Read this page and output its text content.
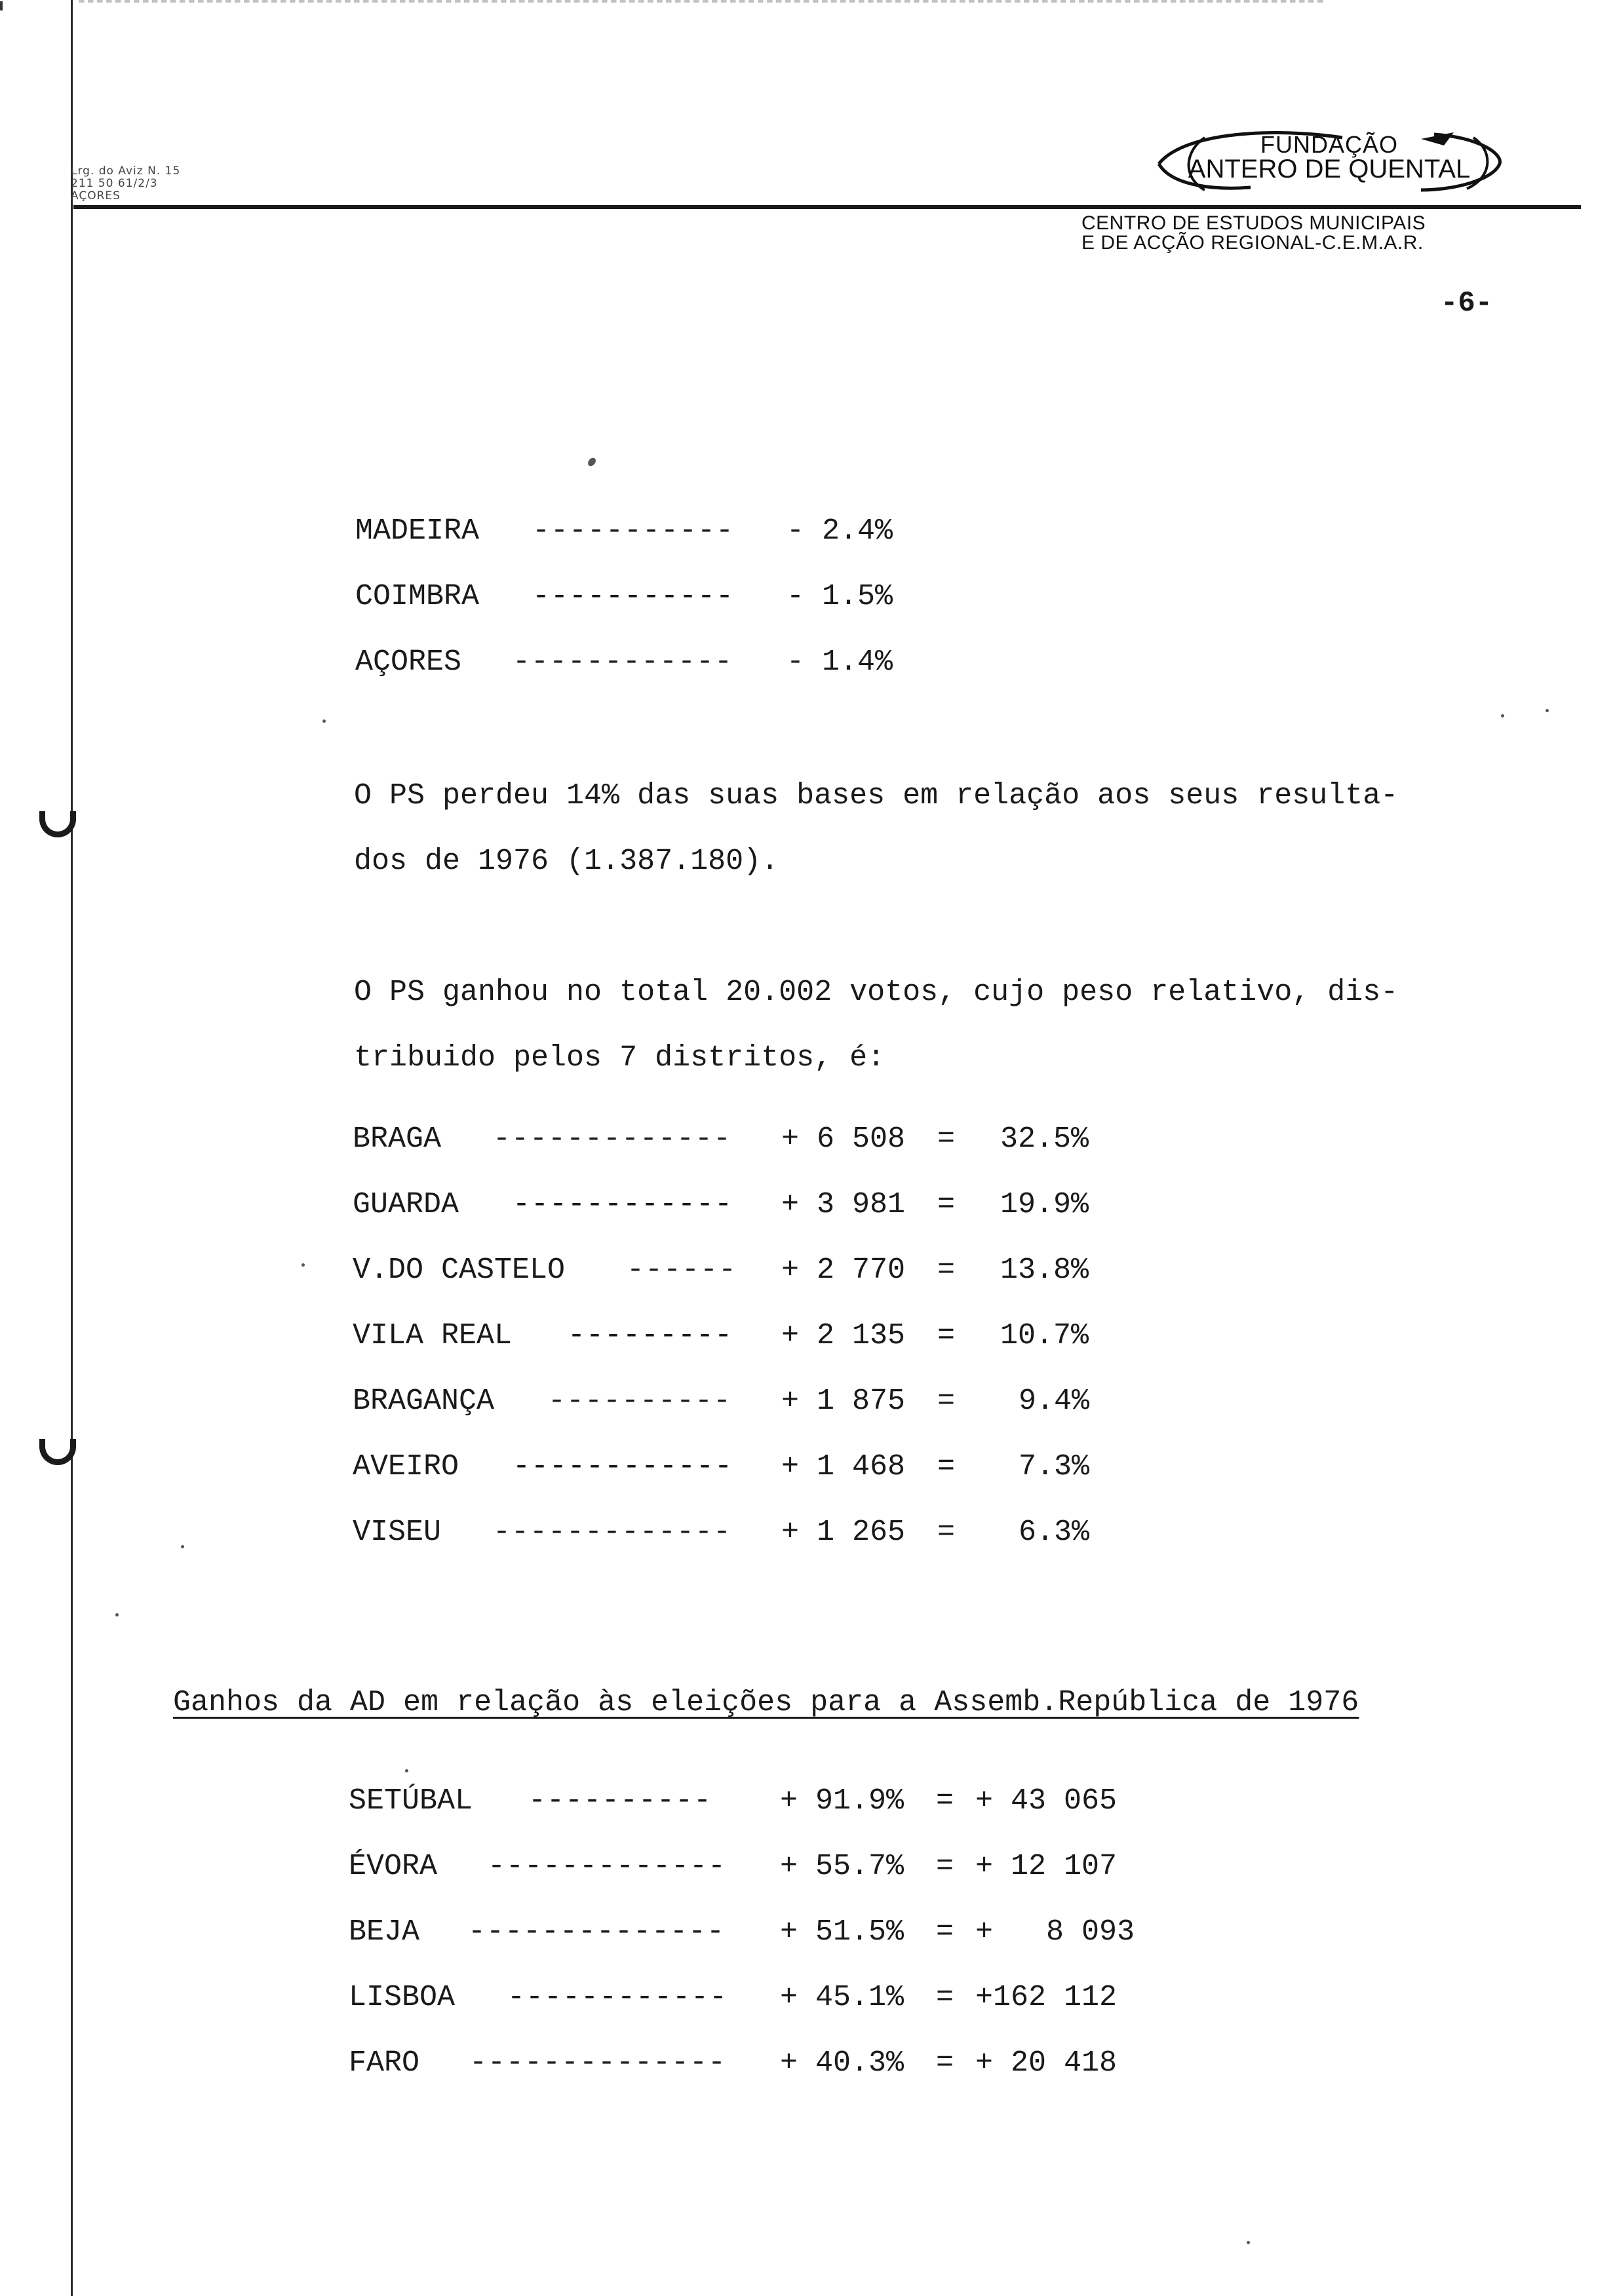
Lrg. do Aviz N. 15
211 50 61/2/3
AÇORES
FUNDAÇÃO
ANTERO DE QUENTAL
CENTRO DE ESTUDOS MUNICIPAIS
E DE ACÇÃO REGIONAL-C.E.M.A.R.
-6-
MADEIRA ----------- - 2.4%
COIMBRA ----------- - 1.5%
AÇORES ------------ - 1.4%
O PS perdeu 14% das suas bases em relação aos seus resulta-
dos de 1976 (1.387.180).
O PS ganhou no total 20.002 votos, cujo peso relativo, dis-
tribuido pelos 7 distritos, é:
BRAGA ------------- + 6 508 = 32.5%
GUARDA ------------ + 3 981 = 19.9%
V.DO CASTELO ------ + 2 770 = 13.8%
VILA REAL --------- + 2 135 = 10.7%
BRAGANÇA ---------- + 1 875 = 9.4%
AVEIRO ------------ + 1 468 = 7.3%
VISEU ------------- + 1 265 = 6.3%
Ganhos da AD em relação às eleições para a Assemb.República de 1976
SETÚBAL ---------- + 91.9% = + 43 065
ÉVORA ------------- + 55.7% = + 12 107
BEJA -------------- + 51.5% = +   8 093
LISBOA ------------ + 45.1% = +162 112
FARO -------------- + 40.3% = + 20 418
